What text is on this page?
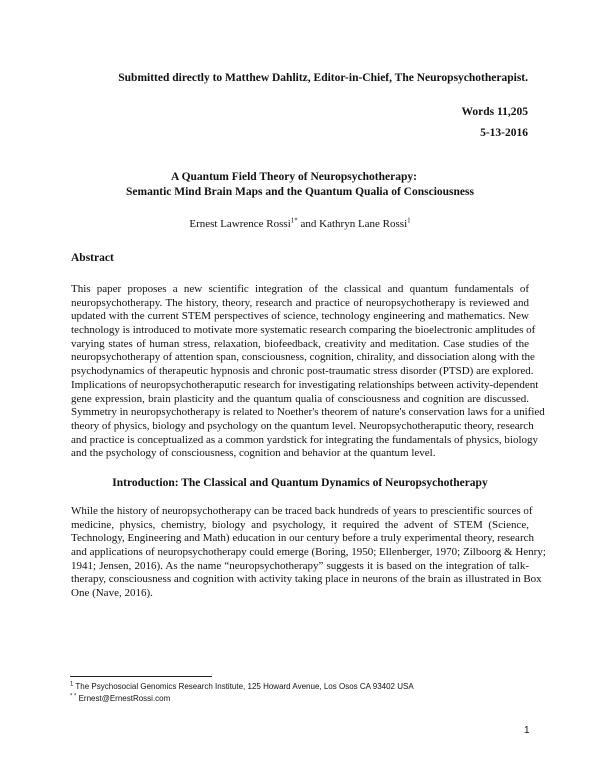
Submitted directly to Matthew Dahlitz, Editor-in-Chief, The Neuropsychotherapist.
Words 11,205
5-13-2016
A Quantum Field Theory of Neuropsychotherapy:
Semantic Mind Brain Maps and the Quantum Qualia of Consciousness
Ernest Lawrence Rossi$^{1*}$ and Kathryn Lane Rossi$^1$
Abstract
This paper proposes a new scientific integration of the classical and quantum fundamentals of
neuropsychotherapy. The history, theory, research and practice of neuropsychotherapy is reviewed and
updated with the current STEM perspectives of science, technology engineering and mathematics. New
technology is introduced to motivate more systematic research comparing the bioelectronic amplitudes of
varying states of human stress, relaxation, biofeedback, creativity and meditation. Case studies of the
neuropsychotherapy of attention span, consciousness, cognition, chirality, and dissociation along with the
psychodynamics of therapeutic hypnosis and chronic post-traumatic stress disorder (PTSD) are explored.
Implications of neuropsychotheraputic research for investigating relationships between activity-dependent
gene expression, brain plasticity and the quantum qualia of consciousness and cognition are discussed.
Symmetry in neuropsychotherapy is related to Noether's theorem of nature's conservation laws for a unified
theory of physics, biology and psychology on the quantum level. Neuropsychotheraputic theory, research
and practice is conceptualized as a common yardstick for integrating the fundamentals of physics, biology
and the psychology of consciousness, cognition and behavior at the quantum level.
Introduction: The Classical and Quantum Dynamics of Neuropsychotherapy
While the history of neuropsychotherapy can be traced back hundreds of years to prescientific sources of
medicine, physics, chemistry, biology and psychology, it required the advent of STEM (Science,
Technology, Engineering and Math) education in our century before a truly experimental theory, research
and applications of neuropsychotherapy could emerge (Boring, 1950; Ellenberger, 1970; Zilboorg & Henry;
1941; Jensen, 2016). As the name “neuropsychotherapy” suggests it is based on the integration of talk-
therapy, consciousness and cognition with activity taking place in neurons of the brain as illustrated in Box
One (Nave, 2016).
$^1$ The Psychosocial Genomics Research Institute, 125 Howard Avenue, Los Osos CA 93402 USA
* * Ernest@ErnestRossi.com
1
